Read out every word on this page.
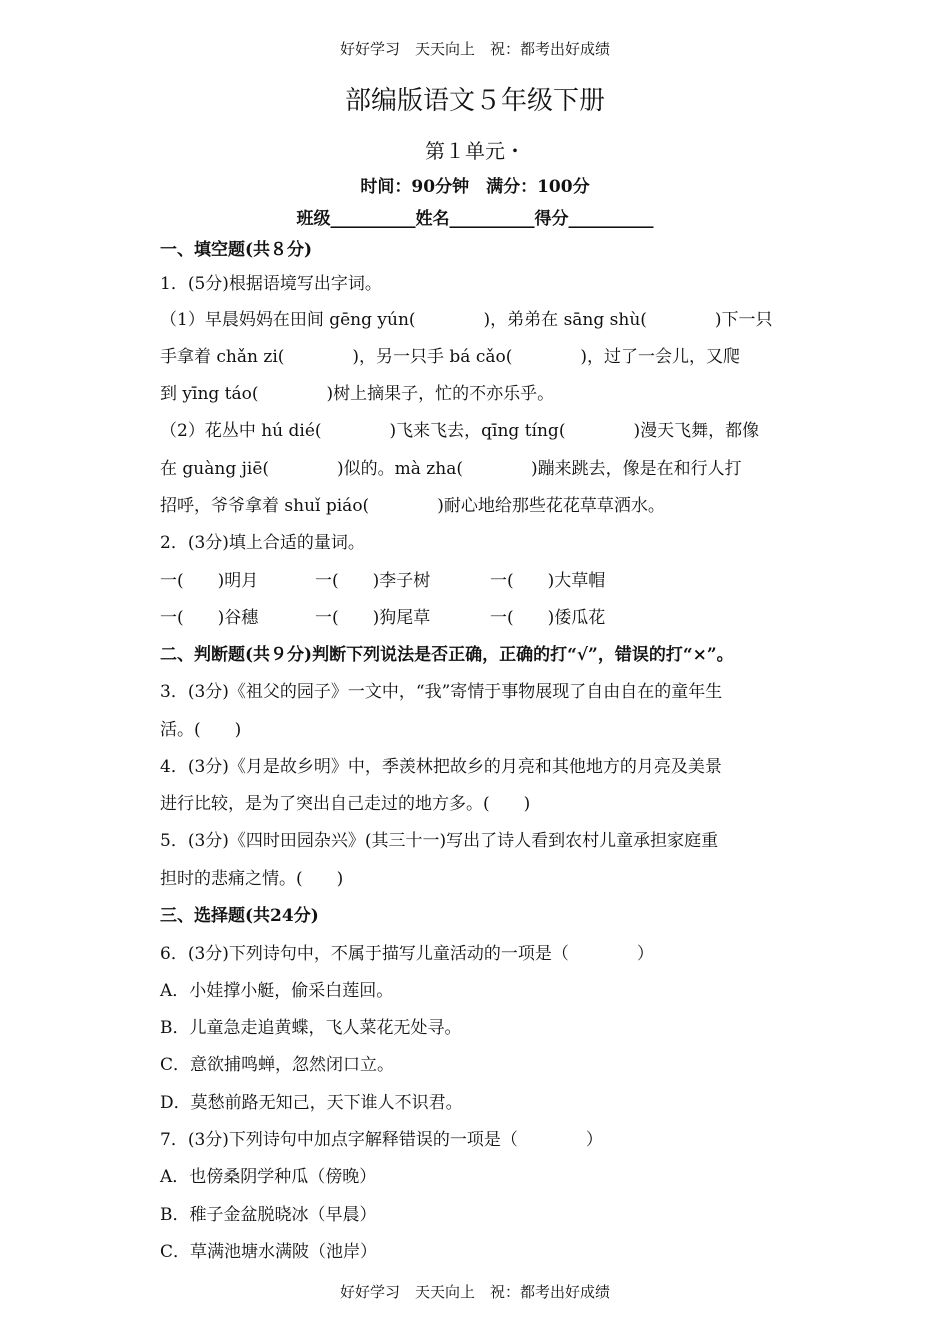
好好学习　天天向上　祝：都考出好成绩
部编版语文５年级下册
第１单元・
时间：90分钟　满分：100分
班级__________姓名__________得分__________
一、填空题(共８分)
1．(5分)根据语境写出字词。
（1）早晨妈妈在田间 gēng yún(　　　　)，弟弟在 sāng shù(　　　　)下一只
手拿着 chǎn zi(　　　　)，另一只手 bá cǎo(　　　　)，过了一会儿，又爬
到 yīng táo(　　　　)树上摘果子，忙的不亦乐乎。
（2）花丛中 hú dié(　　　　)飞来飞去，qīng tíng(　　　　)漫天飞舞，都像
在 guàng jiē(　　　　)似的。mà zha(　　　　)蹦来跳去，像是在和行人打
招呼，爷爷拿着 shuǐ piáo(　　　　)耐心地给那些花花草草洒水。
2．(3分)填上合适的量词。
一(　　)明月	一(　　)李子树	一(　　)大草帽
一(　　)谷穗	一(　　)狗尾草	一(　　)倭瓜花
二、判断题(共９分)判断下列说法是否正确，正确的打“√”，错误的打“×”。
3．(3分)《祖父的园子》一文中，“我”寄情于事物展现了自由自在的童年生
活。(　　)
4．(3分)《月是故乡明》中，季羡林把故乡的月亮和其他地方的月亮及美景
进行比较，是为了突出自己走过的地方多。(　　)
5．(3分)《四时田园杂兴》(其三十一)写出了诗人看到农村儿童承担家庭重
担时的悲痛之情。(　　)
三、选择题(共24分)
6．(3分)下列诗句中，不属于描写儿童活动的一项是（　　　　）
A．小娃撑小艇，偷采白莲回。
B．儿童急走追黄蝶，飞人菜花无处寻。
C．意欲捕鸣蝉，忽然闭口立。
D．莫愁前路无知己，天下谁人不识君。
7．(3分)下列诗句中加点字解释错误的一项是（　　　　）
A．也傍桑阴学种瓜（傍晚）
B．稚子金盆脱晓冰（早晨）
C．草满池塘水满陂（池岸）
好好学习　天天向上　祝：都考出好成绩
